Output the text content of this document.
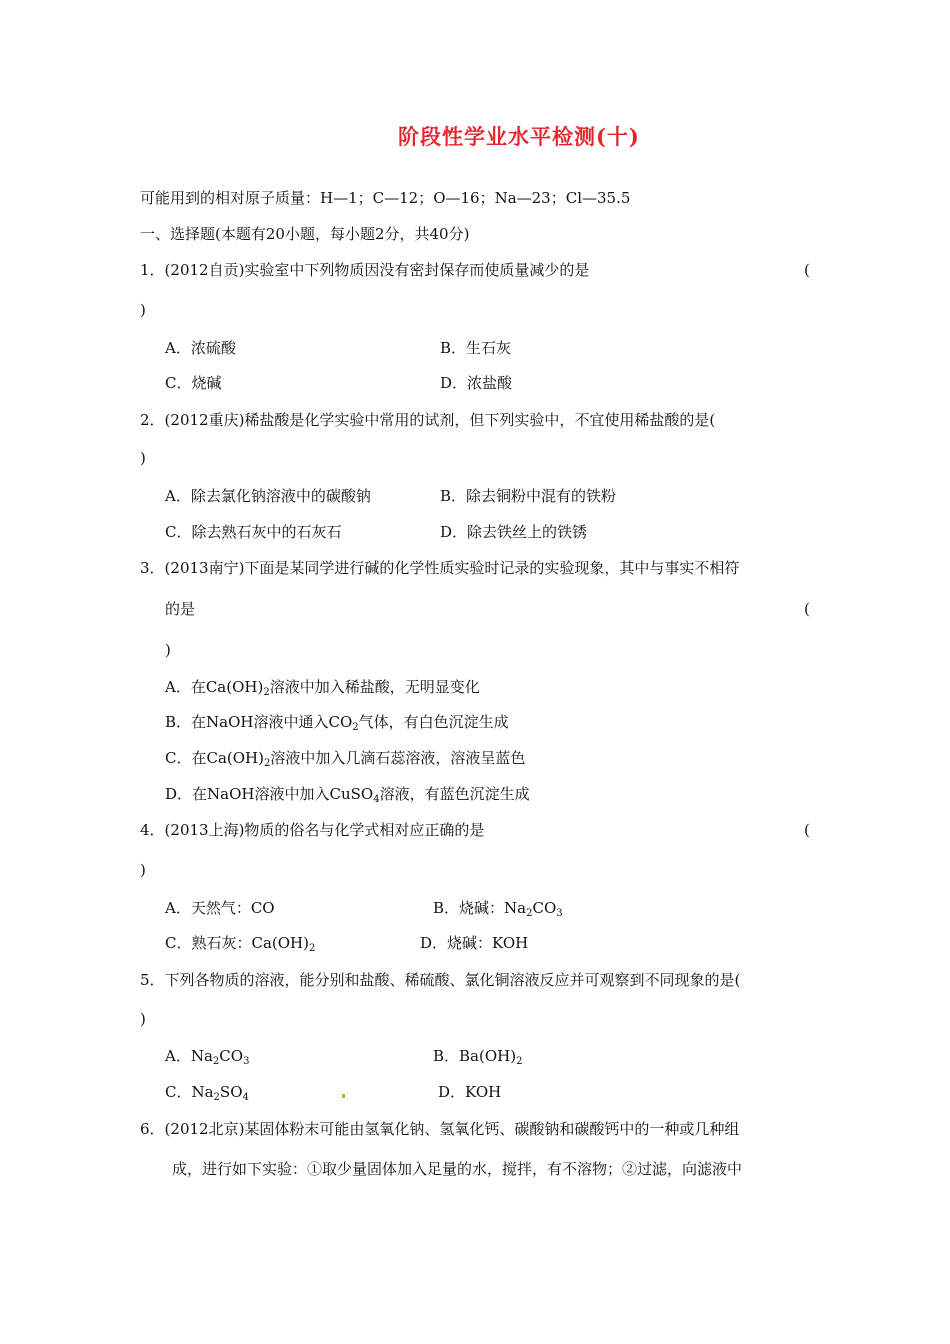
阶段性学业水平检测(十)
可能用到的相对原子质量：H—1；C—12；O—16；Na—23；Cl—35.5
一、选择题(本题有20小题，每小题2分，共40分)
1．(2012自贡)实验室中下列物质因没有密封保存而使质量减少的是	(
)
A．浓硫酸	B．生石灰
C．烧碱	D．浓盐酸
2．(2012重庆)稀盐酸是化学实验中常用的试剂，但下列实验中，不宜使用稀盐酸的是(
)
A．除去氯化钠溶液中的碳酸钠	B．除去铜粉中混有的铁粉
C．除去熟石灰中的石灰石	D．除去铁丝上的铁锈
3．(2013南宁)下面是某同学进行碱的化学性质实验时记录的实验现象，其中与事实不相符
的是	(
)
A．在$Ca(OH)_2$溶液中加入稀盐酸，无明显变化
B．在NaOH溶液中通入$CO_2$气体，有白色沉淀生成
C．在$Ca(OH)_2$溶液中加入几滴石蕊溶液，溶液呈蓝色
D．在NaOH溶液中加入CuSO$_4$溶液，有蓝色沉淀生成
4．(2013上海)物质的俗名与化学式相对应正确的是	(
)
A．天然气：CO	B．烧碱：$Na_2CO_3$
C．熟石灰：$Ca(OH)_2$	D．烧碱：KOH
5．下列各物质的溶液，能分别和盐酸、稀硫酸、氯化铜溶液反应并可观察到不同现象的是(
)
A．$Na_2CO_3$	B．$Ba(OH)_2$
C．$Na_2SO_4$	D．KOH
6．(2012北京)某固体粉末可能由氢氧化钠、氢氧化钙、碳酸钠和碳酸钙中的一种或几种组
成，进行如下实验：①取少量固体加入足量的水，搅拌，有不溶物；②过滤，向滤液中
